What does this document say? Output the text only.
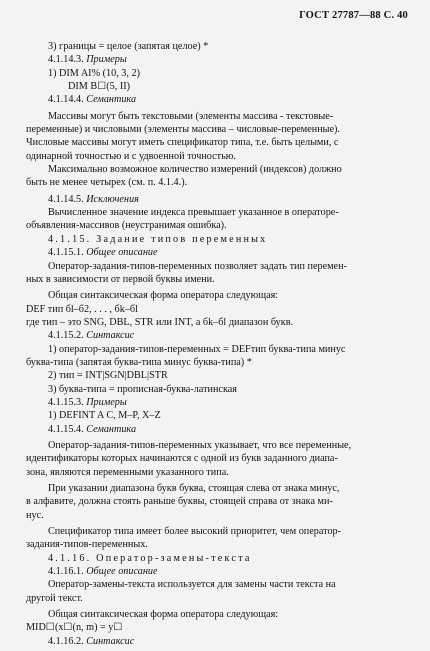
ГОСТ 27787—88 С. 40

3) границы = целое (запятая целое) *

4.1.14.3. Примеры

1) DIM AI% (10, 3, 2)

DIM B☐(5, II)

4.1.14.4. Семантика

Массивы могут быть текстовыми (элементы массива - текстовые-

переменные) и числовыми (элементы массива – числовые-переменные).

Числовые массивы могут иметь спецификатор типа, т.е. быть целыми, с

одинарной точностью и с удвоенной точностью.

Максимально возможное количество измерений (индексов) должно

быть не менее четырех (см. п. 4.1.4.).

4.1.14.5. Исключения

Вычисленное значение индекса превышает указанное в операторе-

объявления-массивов (неустранимая ошибка).

4.1.15. Задание типов переменных

4.1.15.1. Общее описание

Оператор-задания-типов-переменных позволяет задать тип перемен-

ных в зависимости от первой буквы имени.

Общая синтаксическая форма оператора следующая:

DEF тип бl–б2, . . . , бk–бl

где тип – это SNG, DBL, STR или INT, а бk–бl диапазон букв.

4.1.15.2. Синтаксис

1) оператор-задания-типов-переменных = DEFтип буква-типа минус

буква-типа (запятая буква-типа минус буква-типа) *

2) тип = INT|SGN|DBL|STR

3) буква-типа = прописная-буква-латинская

4.1.15.3. Примеры

1) DEFINT A C, M–P, X–Z

4.1.15.4. Семантика

Оператор-задания-типов-переменных указывает, что все переменные,

идентификаторы которых начинаются с одной из букв заданного диапа-

зона, являются переменными указанного типа.

При указании диапазона букв буква, стоящая слева от знака минус,

в алфавите, должна стоять раньше буквы, стоящей справа от знака ми-

нус.

Спецификатор типа имеет более высокий приоритет, чем оператор-

задания-типов-переменных.

4.1.16. Оператор-замены-текста

4.1.16.1. Общее описание

Оператор-замены-текста используется для замены части текста на

другой текст.

Общая синтаксическая форма оператора следующая:

MID☐(x☐(n, m) = y☐

4.1.16.2. Синтаксис
